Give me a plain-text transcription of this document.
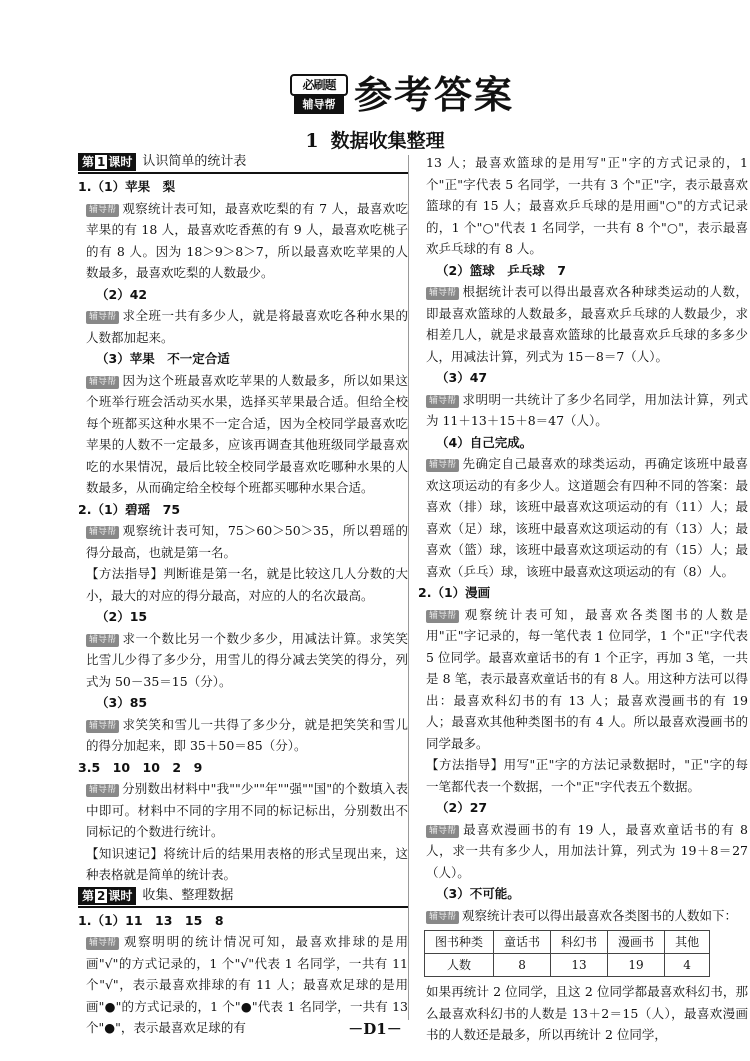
必刷题
辅导帮 参考答案
1 数据收集整理
第 1 课时 认识简单的统计表
1.（1）苹果　梨
辅导帮 观察统计表可知，最喜欢吃梨的有 7 人，最喜欢吃苹果的有 18 人，最喜欢吃香蕉的有 9 人，最喜欢吃桃子的有 8 人。因为 18＞9＞8＞7，所以最喜欢吃苹果的人数最多，最喜欢吃梨的人数最少。
（2）42
辅导帮 求全班一共有多少人，就是将最喜欢吃各种水果的人数都加起来。
（3）苹果　不一定合适
辅导帮 因为这个班最喜欢吃苹果的人数最多，所以如果这个班举行班会活动买水果，选择买苹果最合适。但给全校每个班都买这种水果不一定合适，因为全校同学最喜欢吃苹果的人数不一定最多，应该再调查其他班级同学最喜欢吃的水果情况，最后比较全校同学最喜欢吃哪种水果的人数最多，从而确定给全校每个班都买哪种水果合适。
2.（1）碧瑶　75
辅导帮 观察统计表可知，75＞60＞50＞35，所以碧瑶的得分最高，也就是第一名。
【方法指导】判断谁是第一名，就是比较这几人分数的大小，最大的对应的得分最高，对应的人的名次最高。
（2）15
辅导帮 求一个数比另一个数少多少，用减法计算。求笑笑比雪儿少得了多少分，用雪儿的得分减去笑笑的得分，列式为 50－35＝15（分）。
（3）85
辅导帮 求笑笑和雪儿一共得了多少分，就是把笑笑和雪儿的得分加起来，即 35＋50＝85（分）。
3.5　10　10　2　9
辅导帮 分别数出材料中"我""少""年""强""国"的个数填入表中即可。材料中不同的字用不同的标记标出，分别数出不同标记的个数进行统计。
【知识速记】将统计后的结果用表格的形式呈现出来，这种表格就是简单的统计表。
第 2 课时 收集、整理数据
1.（1）11　13　15　8
辅导帮 观察明明的统计情况可知，最喜欢排球的是用画"√"的方式记录的，1 个"√"代表 1 名同学，一共有 11 个"√"，表示最喜欢排球的有 11 人；最喜欢足球的是用画"●"的方式记录的，1 个"●"代表 1 名同学，一共有 13 个"●"，表示最喜欢足球的有
13 人；最喜欢篮球的是用写"正"字的方式记录的，1 个"正"字代表 5 名同学，一共有 3 个"正"字，表示最喜欢篮球的有 15 人；最喜欢乒乓球的是用画"○"的方式记录的，1 个"○"代表 1 名同学，一共有 8 个"○"，表示最喜欢乒乓球的有 8 人。
（2）篮球　乒乓球　7
辅导帮 根据统计表可以得出最喜欢各种球类运动的人数，即最喜欢篮球的人数最多，最喜欢乒乓球的人数最少，求相差几人，就是求最喜欢篮球的比最喜欢乒乓球的多多少人，用减法计算，列式为 15－8＝7（人）。
（3）47
辅导帮 求明明一共统计了多少名同学，用加法计算，列式为 11＋13＋15＋8＝47（人）。
（4）自己完成。
辅导帮 先确定自己最喜欢的球类运动，再确定该班中最喜欢这项运动的有多少人。这道题会有四种不同的答案：最喜欢（排）球，该班中最喜欢这项运动的有（11）人；最喜欢（足）球，该班中最喜欢这项运动的有（13）人；最喜欢（篮）球，该班中最喜欢这项运动的有（15）人；最喜欢（乒乓）球，该班中最喜欢这项运动的有（8）人。
2.（1）漫画
辅导帮 观察统计表可知，最喜欢各类图书的人数是用"正"字记录的，每一笔代表 1 位同学，1 个"正"字代表 5 位同学。最喜欢童话书的有 1 个正字，再加 3 笔，一共是 8 笔，表示最喜欢童话书的有 8 人。用这种方法可以得出：最喜欢科幻书的有 13 人；最喜欢漫画书的有 19 人；最喜欢其他种类图书的有 4 人。所以最喜欢漫画书的同学最多。
【方法指导】用写"正"字的方法记录数据时，"正"字的每一笔都代表一个数据，一个"正"字代表五个数据。
（2）27
辅导帮 最喜欢漫画书的有 19 人，最喜欢童话书的有 8 人，求一共有多少人，用加法计算，列式为 19＋8＝27（人）。
（3）不可能。
辅导帮 观察统计表可以得出最喜欢各类图书的人数如下：
图书种类	童话书	科幻书	漫画书	其他
人数	8	13	19	4
如果再统计 2 位同学，且这 2 位同学都最喜欢科幻书，那么最喜欢科幻书的人数是 13＋2＝15（人），最喜欢漫画书的人数还是最多，所以再统计 2 位同学，
－D1－
